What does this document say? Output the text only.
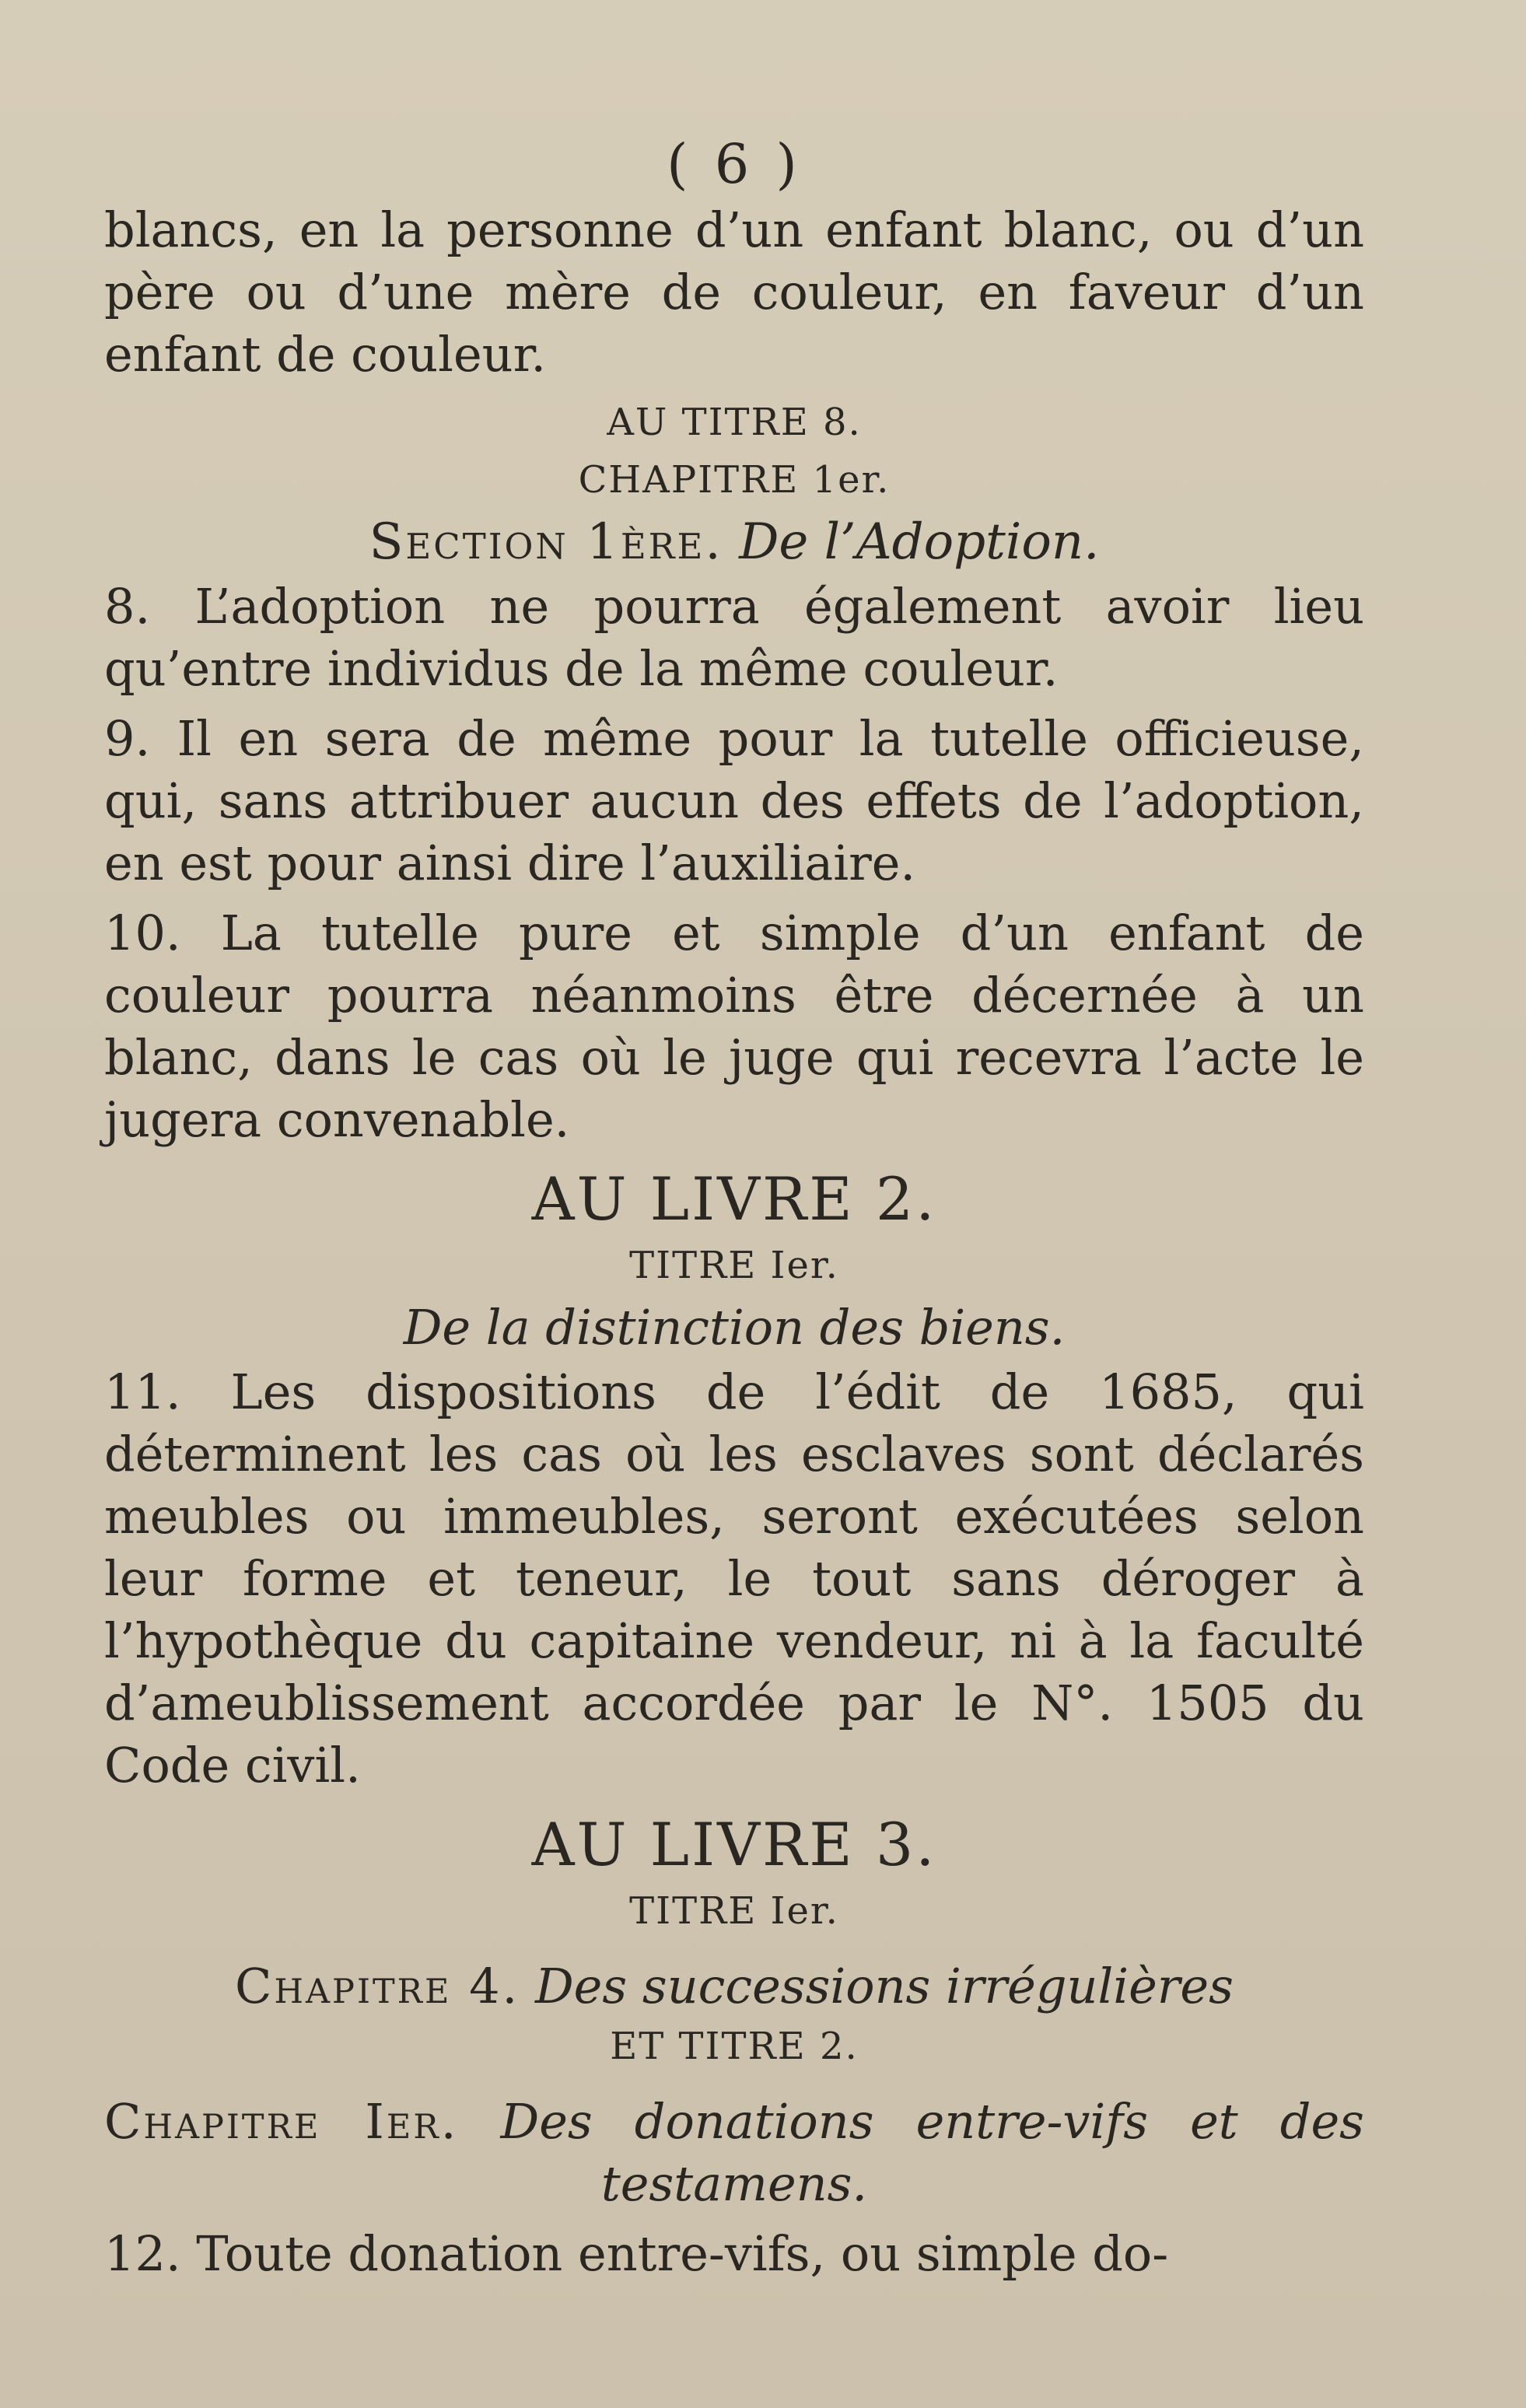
( 6 )

blancs, en la personne d’un enfant blanc, ou d’un père ou d’une mère de couleur, en faveur d’un enfant de couleur.

AU TITRE 8.
CHAPITRE 1er.
Section 1ère. De l’Adoption.

8. L’adoption ne pourra également avoir lieu qu’entre individus de la même couleur.

9. Il en sera de même pour la tutelle officieuse, qui, sans attribuer aucun des effets de l’adoption, en est pour ainsi dire l’auxiliaire.

10. La tutelle pure et simple d’un enfant de couleur pourra néanmoins être décernée à un blanc, dans le cas où le juge qui recevra l’acte le jugera convenable.

AU LIVRE 2.
TITRE Ier.
De la distinction des biens.

11. Les dispositions de l’édit de 1685, qui déterminent les cas où les esclaves sont déclarés meubles ou immeubles, seront exécutées selon leur forme et teneur, le tout sans déroger à l’hypothèque du capitaine vendeur, ni à la faculté d’ameublissement accordée par le N°. 1505 du Code civil.

AU LIVRE 3.
TITRE Ier.
Chapitre 4. Des successions irrégulières
ET TITRE 2.
Chapitre Ier. Des donations entre-vifs et des
testamens.

12. Toute donation entre-vifs, ou simple do-
